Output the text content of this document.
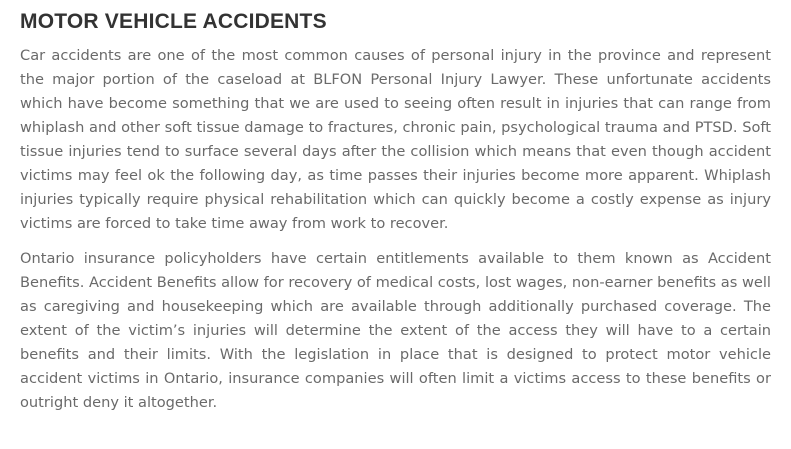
MOTOR VEHICLE ACCIDENTS

Car accidents are one of the most common causes of personal injury in the province and represent the major portion of the caseload at BLFON Personal Injury Lawyer. These unfortunate accidents which have become something that we are used to seeing often result in injuries that can range from whiplash and other soft tissue damage to fractures, chronic pain, psychological trauma and PTSD. Soft tissue injuries tend to surface several days after the collision which means that even though accident victims may feel ok the following day, as time passes their injuries become more apparent. Whiplash injuries typically require physical rehabilitation which can quickly become a costly expense as injury victims are forced to take time away from work to recover.

Ontario insurance policyholders have certain entitlements available to them known as Accident Benefits. Accident Benefits allow for recovery of medical costs, lost wages, non-earner benefits as well as caregiving and housekeeping which are available through additionally purchased coverage. The extent of the victim’s injuries will determine the extent of the access they will have to a certain benefits and their limits. With the legislation in place that is designed to protect motor vehicle accident victims in Ontario, insurance companies will often limit a victims access to these benefits or outright deny it altogether.
